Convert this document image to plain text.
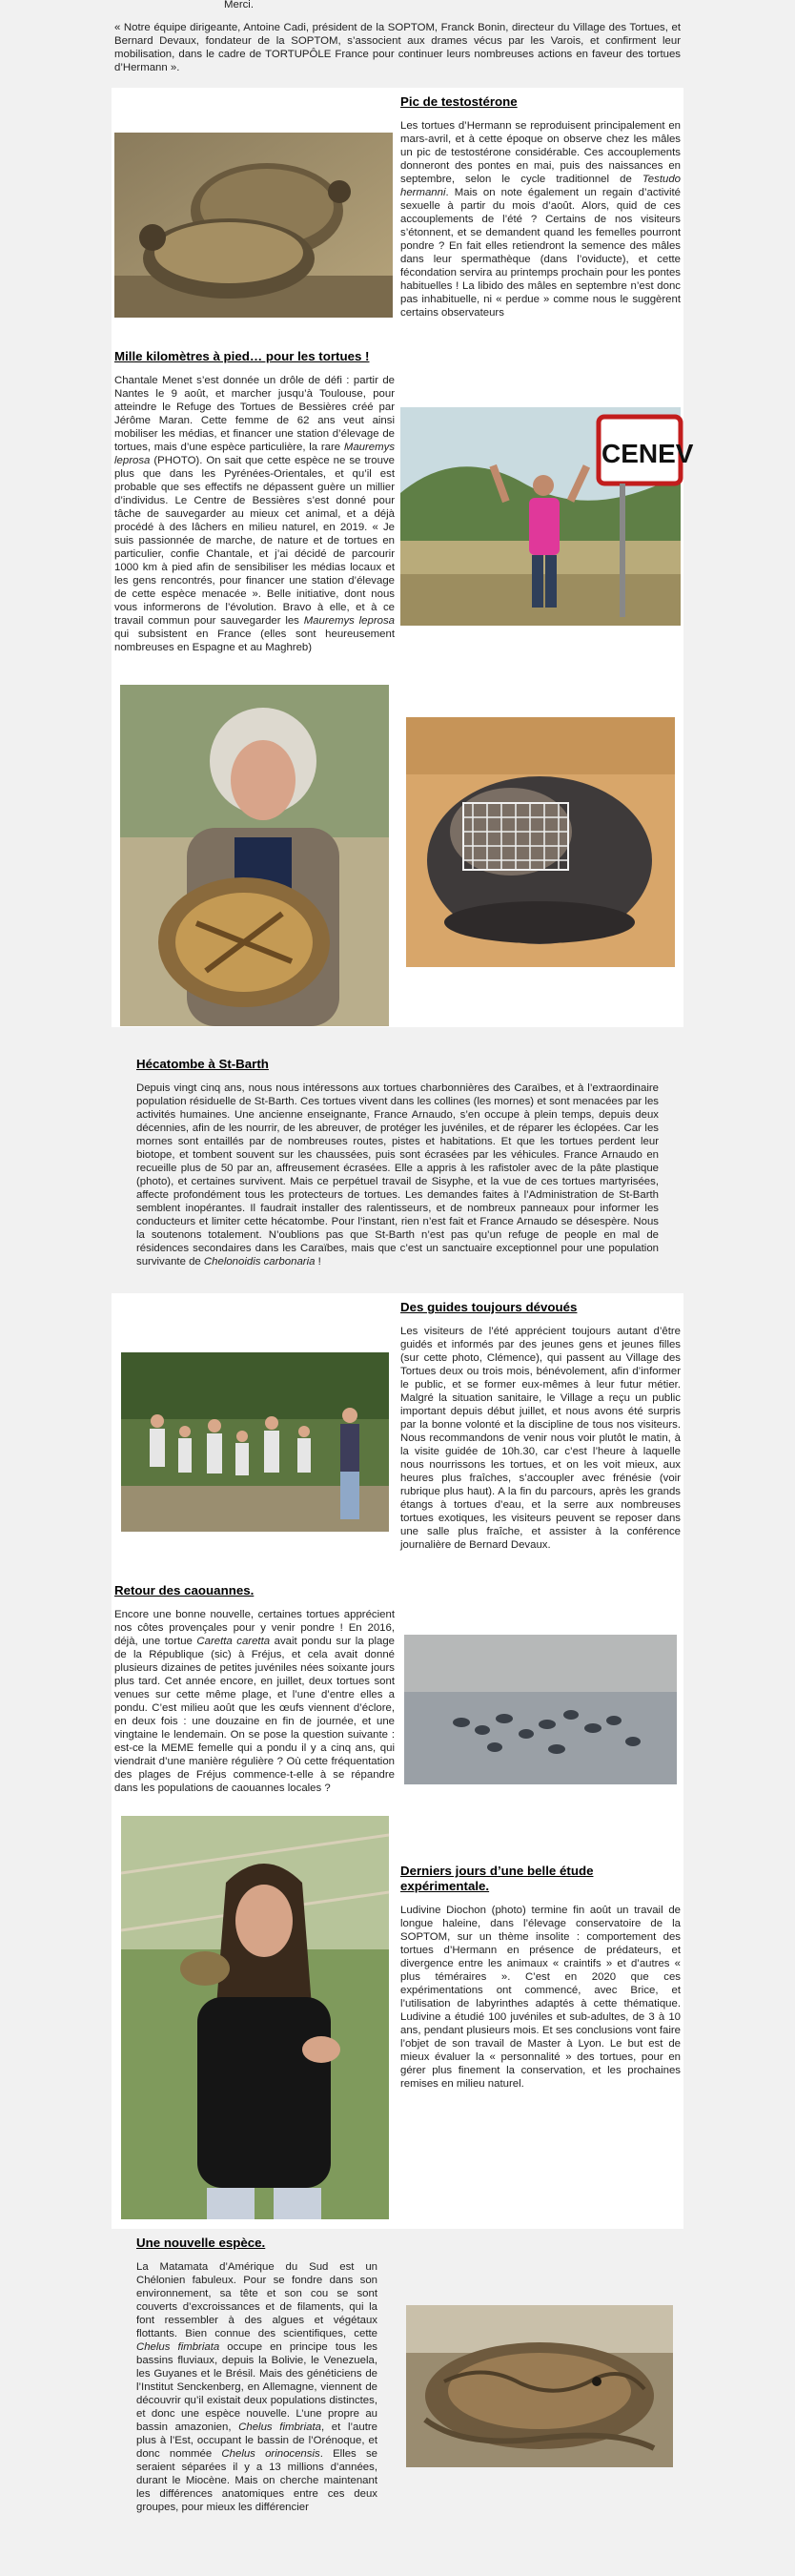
Merci.

« Notre équipe dirigeante, Antoine Cadi, président de la SOPTOM, Franck Bonin, directeur du Village des Tortues, et Bernard Devaux, fondateur de la SOPTOM, s’associent aux drames vécus par les Varois, et confirment leur mobilisation, dans le cadre de TORTUPÔLE France pour continuer leurs nombreuses actions en faveur des tortues d’Hermann ».

Pic de testostérone

Les tortues d’Hermann se reproduisent principalement en mars-avril, et à cette époque on observe chez les mâles un pic de testostérone considérable. Ces accouplements donneront des pontes en mai, puis des naissances en septembre, selon le cycle traditionnel de Testudo hermanni. Mais on note également un regain d’activité sexuelle à partir du mois d’août. Alors, quid de ces accouplements de l’été ? Certains de nos visiteurs s’étonnent, et se demandent quand les femelles pourront pondre ? En fait elles retiendront la semence des mâles dans leur spermathèque (dans l’oviducte), et cette fécondation servira au printemps prochain pour les pontes habituelles ! La libido des mâles en septembre n’est donc pas inhabituelle, ni « perdue » comme nous le suggèrent certains observateurs

Mille kilomètres à pied… pour les tortues !

Chantale Menet s’est donnée un drôle de défi : partir de Nantes le 9 août, et marcher jusqu’à Toulouse, pour atteindre le Refuge des Tortues de Bessières créé par Jérôme Maran. Cette femme de 62 ans veut ainsi mobiliser les médias, et financer une station d’élevage de tortues, mais d’une espèce particulière, la rare Mauremys leprosa (PHOTO). On sait que cette espèce ne se trouve plus que dans les Pyrénées-Orientales, et qu’il est probable que ses effectifs ne dépassent guère un millier d’individus. Le Centre de Bessières s’est donné pour tâche de sauvegarder au mieux cet animal, et a déjà procédé à des lâchers en milieu naturel, en 2019. « Je suis passionnée de marche, de nature et de tortues en particulier, confie Chantale, et j’ai décidé de parcourir 1000 km à pied afin de sensibiliser les médias locaux et les gens rencontrés, pour financer une station d’élevage de cette espèce menacée ». Belle initiative, dont nous vous informerons de l’évolution. Bravo à elle, et à ce travail commun pour sauvegarder les Mauremys leprosa qui subsistent en France (elles sont heureusement nombreuses en Espagne et au Maghreb)

CENEV
Hécatombe à St-Barth

Depuis vingt cinq ans, nous nous intéressons aux tortues charbonnières des Caraïbes, et à l’extraordinaire population résiduelle de St-Barth. Ces tortues vivent dans les collines (les mornes) et sont menacées par les activités humaines. Une ancienne enseignante, France Arnaudo, s’en occupe à plein temps, depuis deux décennies, afin de les nourrir, de les abreuver, de protéger les juvéniles, et de réparer les éclopées. Car les mornes sont entaillés par de nombreuses routes, pistes et habitations. Et que les tortues perdent leur biotope, et tombent souvent sur les chaussées, puis sont écrasées par les véhicules. France Arnaudo en recueille plus de 50 par an, affreusement écrasées. Elle a appris à les rafistoler avec de la pâte plastique (photo), et certaines survivent. Mais ce perpétuel travail de Sisyphe, et la vue de ces tortues martyrisées, affecte profondément tous les protecteurs de tortues. Les demandes faites à l’Administration de St-Barth semblent inopérantes. Il faudrait installer des ralentisseurs, et de nombreux panneaux pour informer les conducteurs et limiter cette hécatombe. Pour l’instant, rien n’est fait et France Arnaudo se désespère. Nous la soutenons totalement. N’oublions pas que St-Barth n’est pas qu’un refuge de people en mal de résidences secondaires dans les Caraïbes, mais que c’est un sanctuaire exceptionnel pour une population survivante de Chelonoidis carbonaria !

Des guides toujours dévoués

Les visiteurs de l’été apprécient toujours autant d’être guidés et informés par des jeunes gens et jeunes filles (sur cette photo, Clémence), qui passent au Village des Tortues deux ou trois mois, bénévolement, afin d’informer le public, et se former eux-mêmes à leur futur métier. Malgré la situation sanitaire, le Village a reçu un public important depuis début juillet, et nous avons été surpris par la bonne volonté et la discipline de tous nos visiteurs. Nous recommandons de venir nous voir plutôt le matin, à la visite guidée de 10h.30, car c’est l’heure à laquelle nous nourrissons les tortues, et on les voit mieux, aux heures plus fraîches, s’accoupler avec frénésie (voir rubrique plus haut). A la fin du parcours, après les grands étangs à tortues d’eau, et la serre aux nombreuses tortues exotiques, les visiteurs peuvent se reposer dans une salle plus fraîche, et assister à la conférence journalière de Bernard Devaux.

Retour des caouannes.

Encore une bonne nouvelle, certaines tortues apprécient nos côtes provençales pour y venir pondre ! En 2016, déjà, une tortue Caretta caretta avait pondu sur la plage de la République (sic) à Fréjus, et cela avait donné plusieurs dizaines de petites juvéniles nées soixante jours plus tard. Cet année encore, en juillet, deux tortues sont venues sur cette même plage, et l’une d’entre elles a pondu. C’est milieu août que les œufs viennent d’éclore, en deux fois : une douzaine en fin de journée, et une vingtaine le lendemain. On se pose la question suivante : est-ce la MEME femelle qui a pondu il y a cinq ans, qui viendrait d’une manière régulière ? Où cette fréquentation des plages de Fréjus commence-t-elle à se répandre dans les populations de caouannes locales ?

Derniers jours d’une belle étude expérimentale.

Ludivine Diochon (photo) termine fin août un travail de longue haleine, dans l’élevage conservatoire de la SOPTOM, sur un thème insolite : comportement des tortues d’Hermann en présence de prédateurs, et divergence entre les animaux « craintifs » et d’autres « plus téméraires ». C’est en 2020 que ces expérimentations ont commencé, avec Brice, et l’utilisation de labyrinthes adaptés à cette thématique. Ludivine a étudié 100 juvéniles et sub-adultes, de 3 à 10 ans, pendant plusieurs mois. Et ses conclusions vont faire l’objet de son travail de Master à Lyon. Le but est de mieux évaluer la « personnalité » des tortues, pour en gérer plus finement la conservation, et les prochaines remises en milieu naturel.

Une nouvelle espèce.

La Matamata d’Amérique du Sud est un Chélonien fabuleux. Pour se fondre dans son environnement, sa tête et son cou se sont couverts d’excroissances et de filaments, qui la font ressembler à des algues et végétaux flottants. Bien connue des scientifiques, cette Chelus fimbriata occupe en principe tous les bassins fluviaux, depuis la Bolivie, le Venezuela, les Guyanes et le Brésil. Mais des généticiens de l’Institut Senckenberg, en Allemagne, viennent de découvrir qu’il existait deux populations distinctes, et donc une espèce nouvelle. L’une propre au bassin amazonien, Chelus fimbriata, et l’autre plus à l’Est, occupant le bassin de l’Orénoque, et donc nommée Chelus orinocensis. Elles se seraient séparées il y a 13 millions d’années, durant le Miocène. Mais on cherche maintenant les différences anatomiques entre ces deux groupes, pour mieux les différencier
